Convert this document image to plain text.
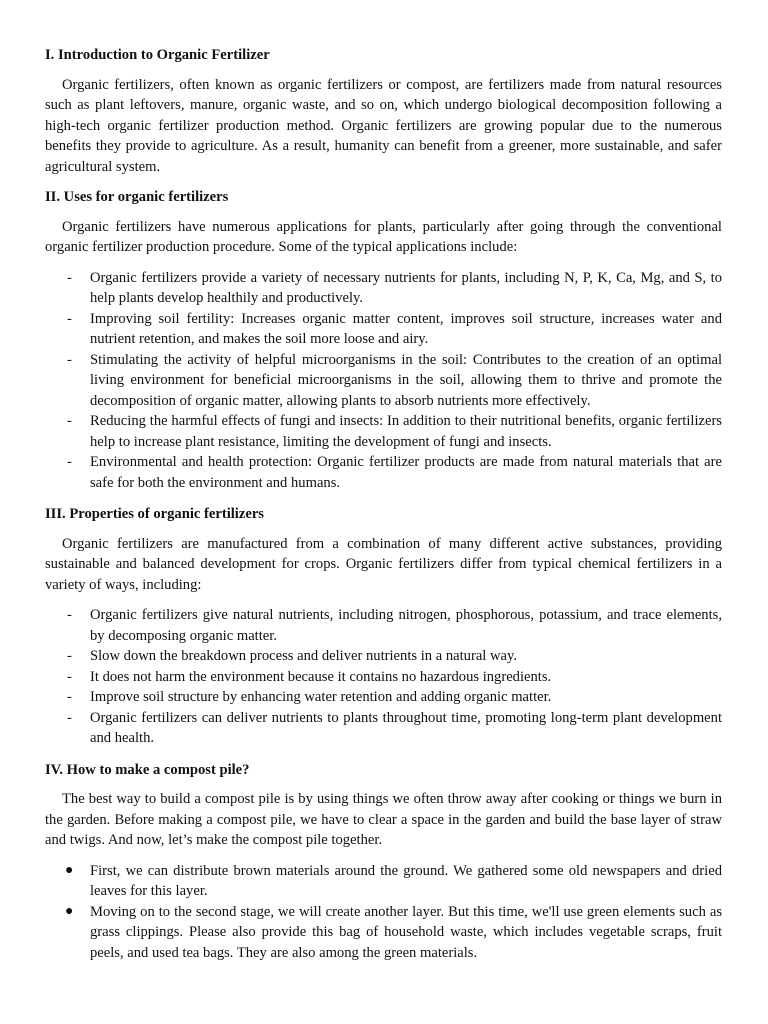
I. Introduction to Organic Fertilizer

Organic fertilizers, often known as organic fertilizers or compost, are fertilizers made from natural resources such as plant leftovers, manure, organic waste, and so on, which undergo biological decomposition following a high-tech organic fertilizer production method. Organic fertilizers are growing popular due to the numerous benefits they provide to agriculture. As a result, humanity can benefit from a greener, more sustainable, and safer agricultural system.

II. Uses for organic fertilizers

Organic fertilizers have numerous applications for plants, particularly after going through the conventional organic fertilizer production procedure. Some of the typical applications include:

- Organic fertilizers provide a variety of necessary nutrients for plants, including N, P, K, Ca, Mg, and S, to help plants develop healthily and productively.
- Improving soil fertility: Increases organic matter content, improves soil structure, increases water and nutrient retention, and makes the soil more loose and airy.
- Stimulating the activity of helpful microorganisms in the soil: Contributes to the creation of an optimal living environment for beneficial microorganisms in the soil, allowing them to thrive and promote the decomposition of organic matter, allowing plants to absorb nutrients more effectively.
- Reducing the harmful effects of fungi and insects: In addition to their nutritional benefits, organic fertilizers help to increase plant resistance, limiting the development of fungi and insects.
- Environmental and health protection: Organic fertilizer products are made from natural materials that are safe for both the environment and humans.
III. Properties of organic fertilizers

Organic fertilizers are manufactured from a combination of many different active substances, providing sustainable and balanced development for crops. Organic fertilizers differ from typical chemical fertilizers in a variety of ways, including:

- Organic fertilizers give natural nutrients, including nitrogen, phosphorous, potassium, and trace elements, by decomposing organic matter.
- Slow down the breakdown process and deliver nutrients in a natural way.
- It does not harm the environment because it contains no hazardous ingredients.
- Improve soil structure by enhancing water retention and adding organic matter.
- Organic fertilizers can deliver nutrients to plants throughout time, promoting long-term plant development and health.
IV. How to make a compost pile?

The best way to build a compost pile is by using things we often throw away after cooking or things we burn in the garden. Before making a compost pile, we have to clear a space in the garden and build the base layer of straw and twigs. And now, let’s make the compost pile together.

● First, we can distribute brown materials around the ground. We gathered some old newspapers and dried leaves for this layer.
● Moving on to the second stage, we will create another layer. But this time, we'll use green elements such as grass clippings. Please also provide this bag of household waste, which includes vegetable scraps, fruit peels, and used tea bags. They are also among the green materials.
